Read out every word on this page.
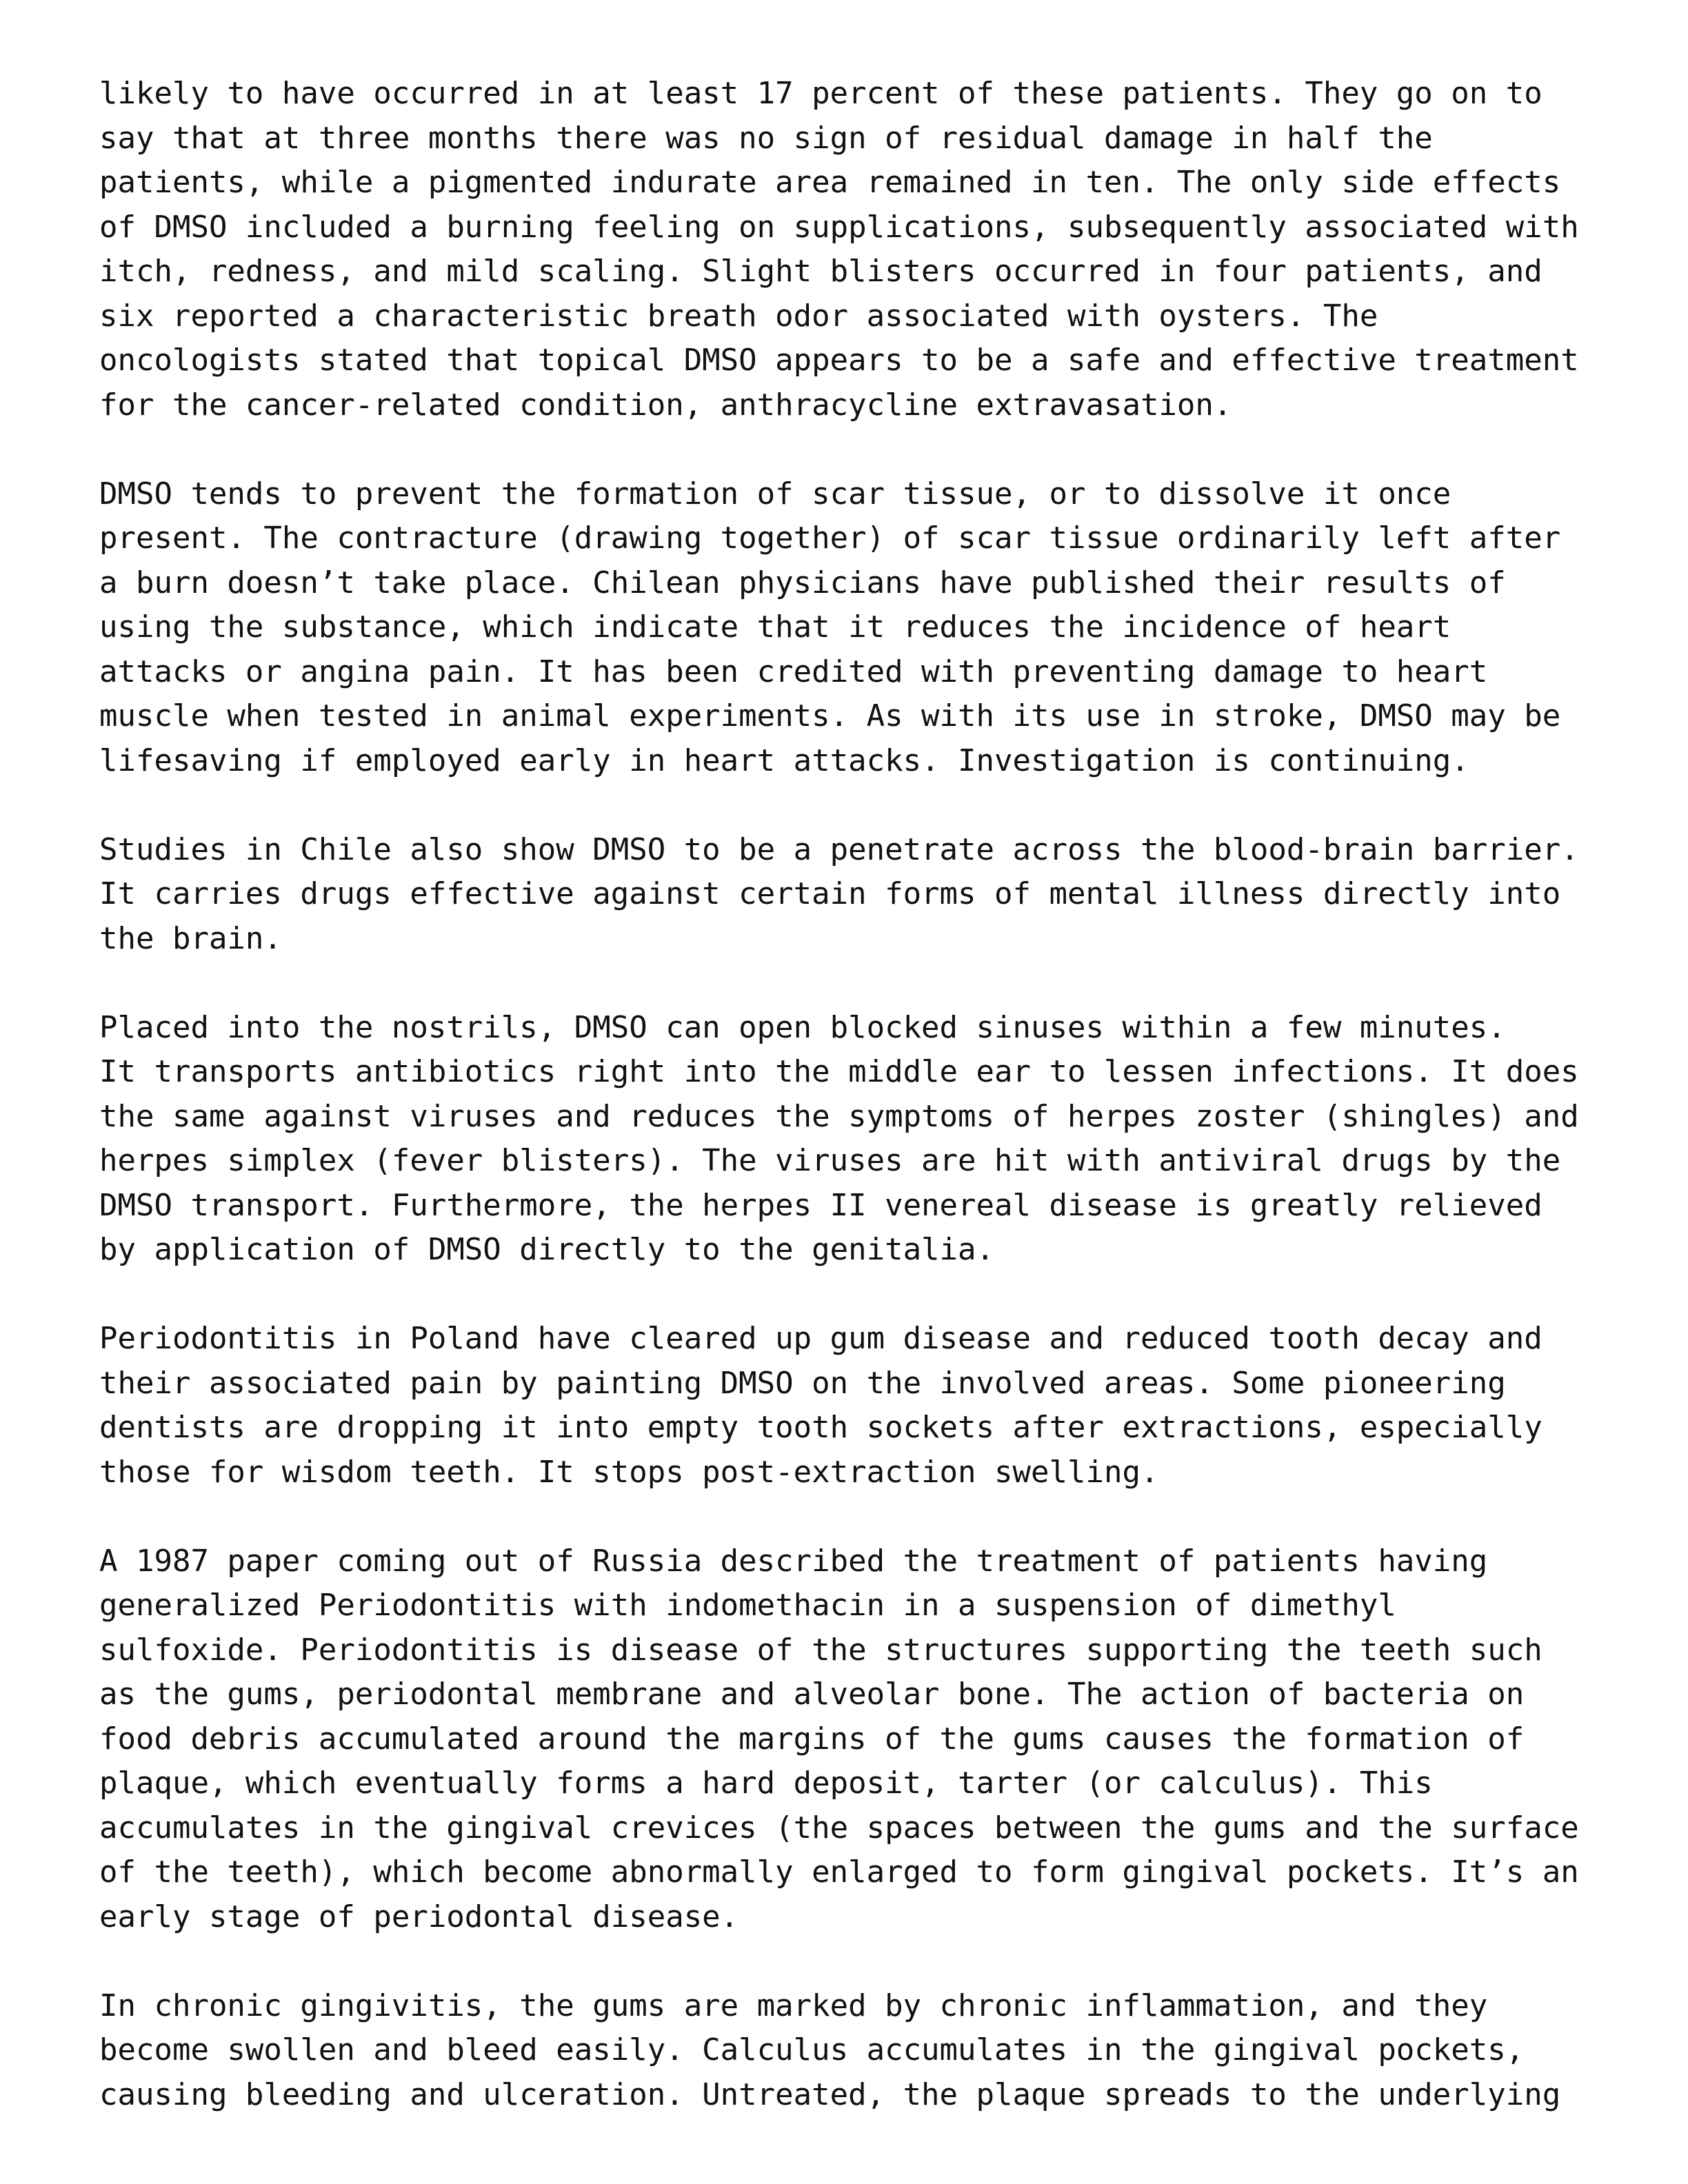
likely to have occurred in at least 17 percent of these patients. They go on to
say that at three months there was no sign of residual damage in half the
patients, while a pigmented indurate area remained in ten. The only side effects
of DMSO included a burning feeling on supplications, subsequently associated with
itch, redness, and mild scaling. Slight blisters occurred in four patients, and
six reported a characteristic breath odor associated with oysters. The
oncologists stated that topical DMSO appears to be a safe and effective treatment
for the cancer-related condition, anthracycline extravasation.

DMSO tends to prevent the formation of scar tissue, or to dissolve it once
present. The contracture (drawing together) of scar tissue ordinarily left after
a burn doesn’t take place. Chilean physicians have published their results of
using the substance, which indicate that it reduces the incidence of heart
attacks or angina pain. It has been credited with preventing damage to heart
muscle when tested in animal experiments. As with its use in stroke, DMSO may be
lifesaving if employed early in heart attacks. Investigation is continuing.

Studies in Chile also show DMSO to be a penetrate across the blood-brain barrier.
It carries drugs effective against certain forms of mental illness directly into
the brain.

Placed into the nostrils, DMSO can open blocked sinuses within a few minutes.
It transports antibiotics right into the middle ear to lessen infections. It does
the same against viruses and reduces the symptoms of herpes zoster (shingles) and
herpes simplex (fever blisters). The viruses are hit with antiviral drugs by the
DMSO transport. Furthermore, the herpes II venereal disease is greatly relieved
by application of DMSO directly to the genitalia.

Periodontitis in Poland have cleared up gum disease and reduced tooth decay and
their associated pain by painting DMSO on the involved areas. Some pioneering
dentists are dropping it into empty tooth sockets after extractions, especially
those for wisdom teeth. It stops post-extraction swelling.

A 1987 paper coming out of Russia described the treatment of patients having
generalized Periodontitis with indomethacin in a suspension of dimethyl
sulfoxide. Periodontitis is disease of the structures supporting the teeth such
as the gums, periodontal membrane and alveolar bone. The action of bacteria on
food debris accumulated around the margins of the gums causes the formation of
plaque, which eventually forms a hard deposit, tarter (or calculus). This
accumulates in the gingival crevices (the spaces between the gums and the surface
of the teeth), which become abnormally enlarged to form gingival pockets. It’s an
early stage of periodontal disease.

In chronic gingivitis, the gums are marked by chronic inflammation, and they
become swollen and bleed easily. Calculus accumulates in the gingival pockets,
causing bleeding and ulceration. Untreated, the plaque spreads to the underlying
